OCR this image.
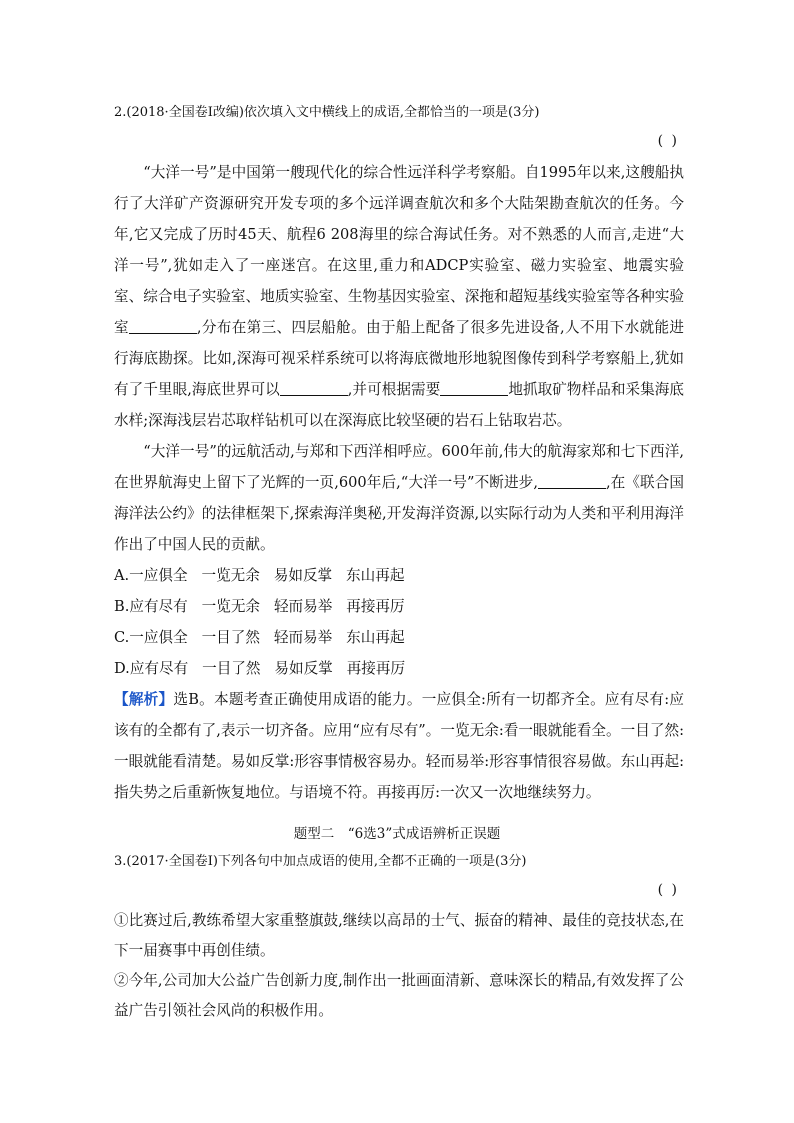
2.(2018·全国卷Ⅰ改编)依次填入文中横线上的成语,全都恰当的一项是(3分)
( )

“大洋一号”是中国第一艘现代化的综合性远洋科学考察船。自1995年以来,这艘船执行了大洋矿产资源研究开发专项的多个远洋调查航次和多个大陆架勘查航次的任务。今年,它又完成了历时45天、航程6 208海里的综合海试任务。对不熟悉的人而言,走进“大洋一号”,犹如走入了一座迷宫。在这里,重力和ADCP实验室、磁力实验室、地震实验室、综合电子实验室、地质实验室、生物基因实验室、深拖和超短基线实验室等各种实验室	,分布在第三、四层船舱。由于船上配备了很多先进设备,人不用下水就能进行海底勘探。比如,深海可视采样系统可以将海底微地形地貌图像传到科学考察船上,犹如有了千里眼,海底世界可以	,并可根据需要	地抓取矿物样品和采集海底水样;深海浅层岩芯取样钻机可以在深海底比较坚硬的岩石上钻取岩芯。

“大洋一号”的远航活动,与郑和下西洋相呼应。600年前,伟大的航海家郑和七下西洋,在世界航海史上留下了光辉的一页,600年后,“大洋一号”不断进步,	,在《联合国海洋法公约》的法律框架下,探索海洋奥秘,开发海洋资源,以实际行动为人类和平利用海洋作出了中国人民的贡献。

A.一应俱全   一览无余   易如反掌   东山再起

B.应有尽有   一览无余   轻而易举   再接再厉

C.一应俱全   一目了然   轻而易举   东山再起

D.应有尽有   一目了然   易如反掌   再接再厉

【解析】选B。本题考查正确使用成语的能力。一应俱全:所有一切都齐全。应有尽有:应该有的全都有了,表示一切齐备。应用“应有尽有”。一览无余:看一眼就能看全。一目了然:一眼就能看清楚。易如反掌:形容事情极容易办。轻而易举:形容事情很容易做。东山再起:指失势之后重新恢复地位。与语境不符。再接再厉:一次又一次地继续努力。

题型二　“6选3”式成语辨析正误题
3.(2017·全国卷Ⅰ)下列各句中加点成语的使用,全都不正确的一项是(3分)
( )

①比赛过后,教练希望大家重整旗鼓,继续以高昂的士气、振奋的精神、最佳的竞技状态,在下一届赛事中再创佳绩。

②今年,公司加大公益广告创新力度,制作出一批画面清新、意味深长的精品,有效发挥了公益广告引领社会风尚的积极作用。
